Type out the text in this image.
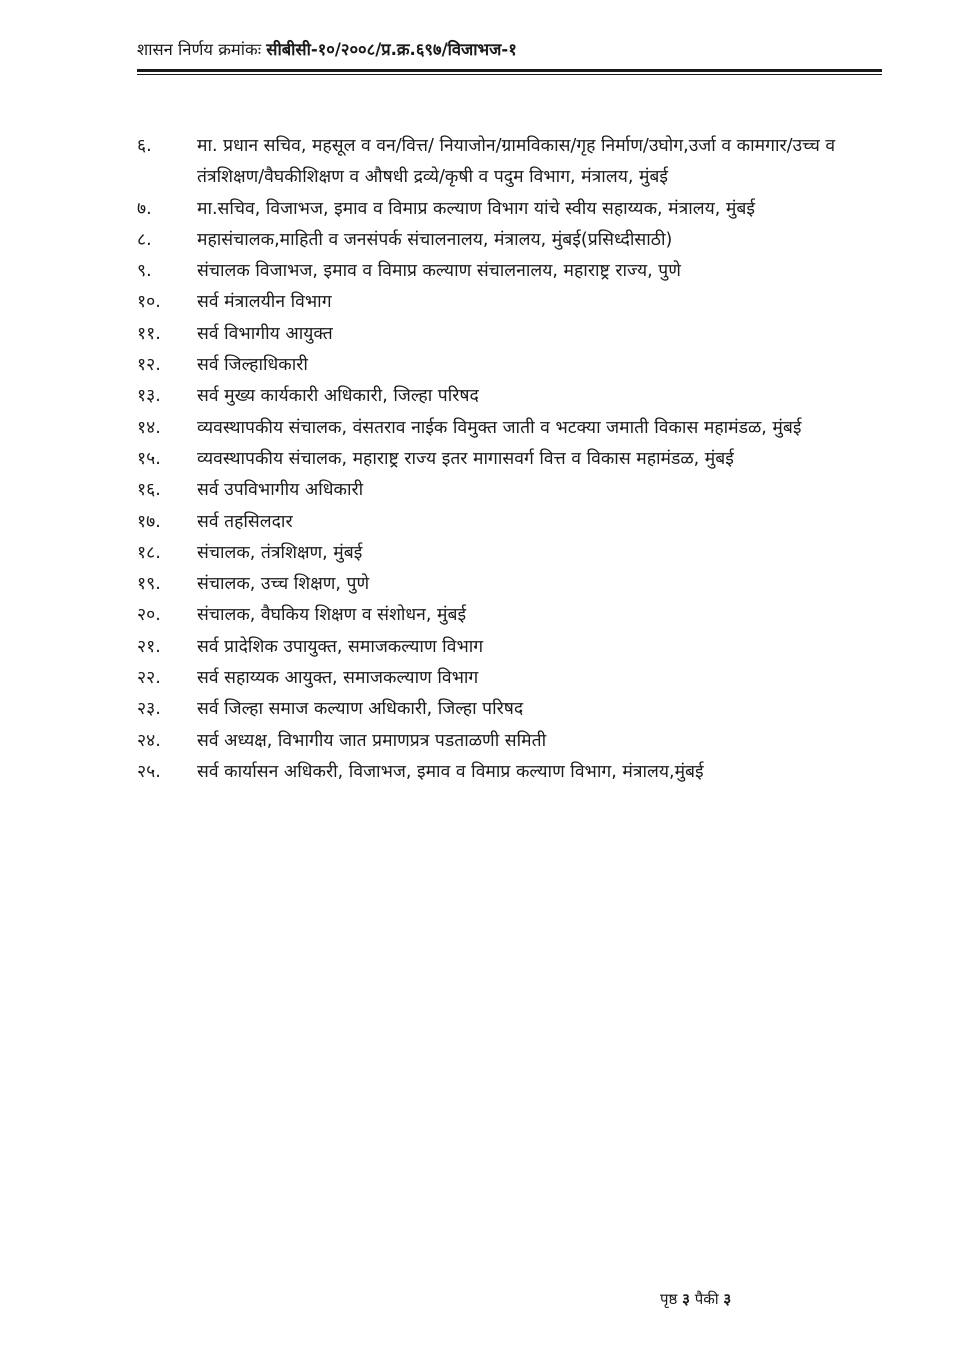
शासन निर्णय क्रमांकः सीबीसी-१०/२००८/प्र.क्र.६९७/विजाभज-१
६.	मा. प्रधान सचिव, महसूल व वन/वित्त/ नियाजोन/ग्रामविकास/गृह निर्माण/उघोग,उर्जा व कामगार/उच्च व तंत्रशिक्षण/वैघकीशिक्षण व औषधी द्रव्ये/कृषी व पदुम विभाग, मंत्रालय, मुंबई
७.	मा.सचिव, विजाभज, इमाव व विमाप्र कल्याण विभाग यांचे स्वीय सहाय्यक, मंत्रालय, मुंबई
८.	महासंचालक,माहिती व जनसंपर्क संचालनालय, मंत्रालय, मुंबई(प्रसिध्दीसाठी)
९.	संचालक विजाभज, इमाव व विमाप्र कल्याण संचालनालय, महाराष्ट्र राज्य, पुणे
१०.	सर्व मंत्रालयीन विभाग
११.	सर्व विभागीय आयुक्त
१२.	सर्व जिल्हाधिकारी
१३.	सर्व मुख्य कार्यकारी अधिकारी, जिल्हा परिषद
१४.	व्यवस्थापकीय संचालक, वंसतराव नाईक विमुक्त जाती व भटक्या जमाती विकास महामंडळ, मुंबई
१५.	व्यवस्थापकीय संचालक, महाराष्ट्र राज्य इतर मागासवर्ग वित्त व विकास महामंडळ, मुंबई
१६.	सर्व उपविभागीय अधिकारी
१७.	सर्व तहसिलदार
१८.	संचालक, तंत्रशिक्षण, मुंबई
१९.	संचालक, उच्च शिक्षण, पुणे
२०.	संचालक, वैघकिय शिक्षण व संशोधन, मुंबई
२१.	सर्व प्रादेशिक उपायुक्त, समाजकल्याण विभाग
२२.	सर्व सहाय्यक आयुक्त, समाजकल्याण विभाग
२३.	सर्व जिल्हा समाज कल्याण अधिकारी, जिल्हा परिषद
२४.	सर्व अध्यक्ष, विभागीय जात प्रमाणप्रत्र पडताळणी समिती
२५.	सर्व कार्यासन अधिकरी, विजाभज, इमाव व विमाप्र कल्याण विभाग, मंत्रालय,मुंबई
पृष्ठ ३ पैकी ३
